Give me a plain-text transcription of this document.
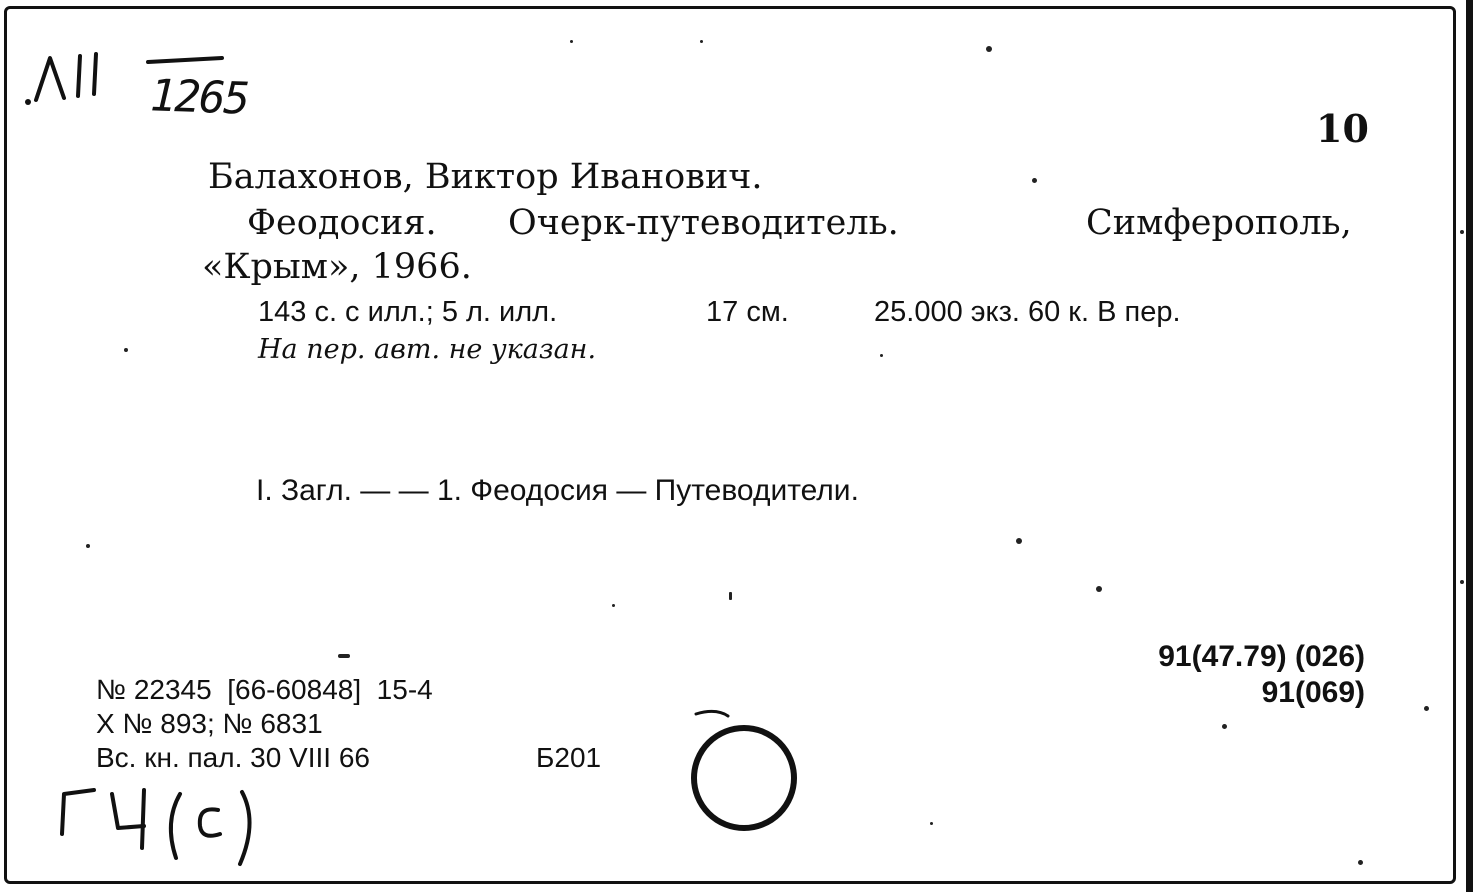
1265
10
Балахонов, Виктор Иванович.
Феодосия. Очерк-путеводитель.	Симферополь,
«Крым», 1966.
143 с. с илл.; 5 л. илл.	17 см.	25.000 экз. 60 к. В пер.
На пер. авт. не указан.
I. Загл. — — 1. Феодосия — Путеводители.
91(47.79) (026)
91(069)
№ 22345  [66-60848]  15-4
Х № 893; № 6831
Вс. кн. пал. 30 VIII 66	Б201
